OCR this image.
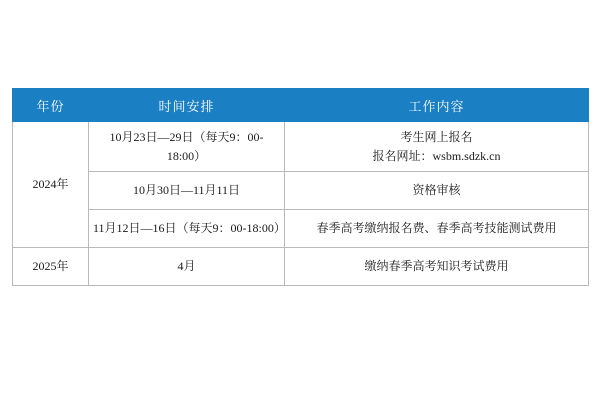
年份	时间安排	工作内容
2024年	10月23日—29日（每天9：00-18:00）	考生网上报名
报名网址：wsbm.sdzk.cn

	10月30日—11月11日	资格审核

	11月12日—16日（每天9：00-18:00）	春季高考缴纳报名费、春季高考技能测试费用

2025年	4月	缴纳春季高考知识考试费用
